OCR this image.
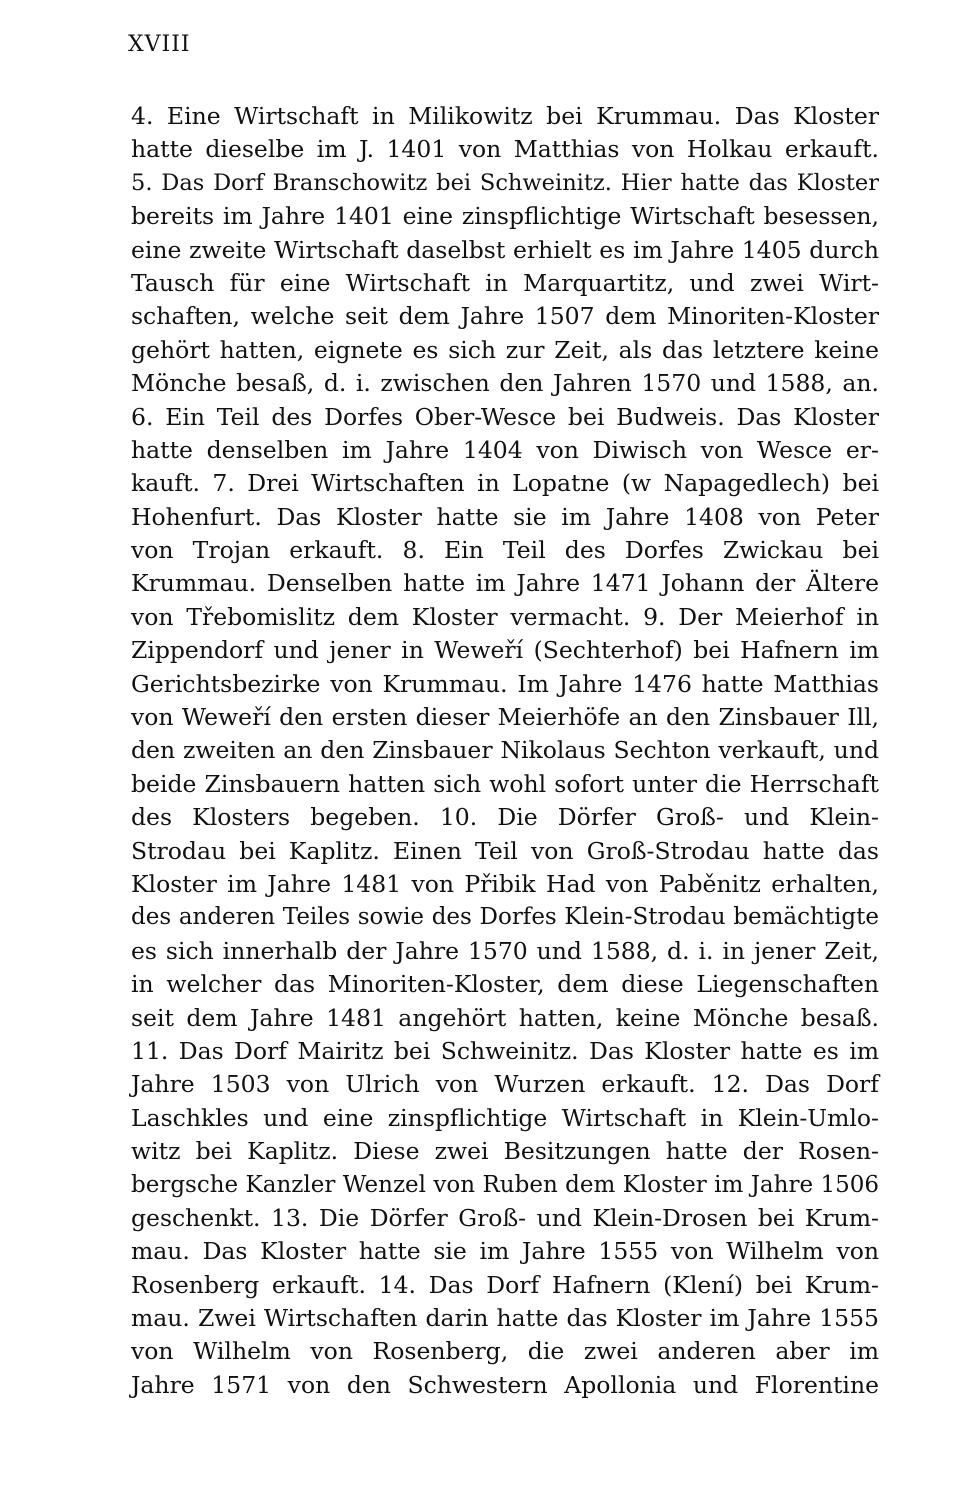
XVIII
4. Eine Wirtschaft in Milikowitz bei Krummau. Das Kloster
hatte dieselbe im J. 1401 von Matthias von Holkau erkauft.
5. Das Dorf Branschowitz bei Schweinitz. Hier hatte das Kloster
bereits im Jahre 1401 eine zinspflichtige Wirtschaft besessen,
eine zweite Wirtschaft daselbst erhielt es im Jahre 1405 durch
Tausch für eine Wirtschaft in Marquartitz, und zwei Wirt-
schaften, welche seit dem Jahre 1507 dem Minoriten-Kloster
gehört hatten, eignete es sich zur Zeit, als das letztere keine
Mönche besaß, d. i. zwischen den Jahren 1570 und 1588, an.
6. Ein Teil des Dorfes Ober-Wesce bei Budweis. Das Kloster
hatte denselben im Jahre 1404 von Diwisch von Wesce er-
kauft. 7. Drei Wirtschaften in Lopatne (w Napagedlech) bei
Hohenfurt. Das Kloster hatte sie im Jahre 1408 von Peter
von Trojan erkauft. 8. Ein Teil des Dorfes Zwickau bei
Krummau. Denselben hatte im Jahre 1471 Johann der Ältere
von Třebomislitz dem Kloster vermacht. 9. Der Meierhof in
Zippendorf und jener in Weweří (Sechterhof) bei Hafnern im
Gerichtsbezirke von Krummau. Im Jahre 1476 hatte Matthias
von Weweří den ersten dieser Meierhöfe an den Zinsbauer Ill,
den zweiten an den Zinsbauer Nikolaus Sechton verkauft, und
beide Zinsbauern hatten sich wohl sofort unter die Herrschaft
des Klosters begeben. 10. Die Dörfer Groß- und Klein-
Strodau bei Kaplitz. Einen Teil von Groß-Strodau hatte das
Kloster im Jahre 1481 von Přibik Had von Paběnitz erhalten,
des anderen Teiles sowie des Dorfes Klein-Strodau bemächtigte
es sich innerhalb der Jahre 1570 und 1588, d. i. in jener Zeit,
in welcher das Minoriten-Kloster, dem diese Liegenschaften
seit dem Jahre 1481 angehört hatten, keine Mönche besaß.
11. Das Dorf Mairitz bei Schweinitz. Das Kloster hatte es im
Jahre 1503 von Ulrich von Wurzen erkauft. 12. Das Dorf
Laschkles und eine zinspflichtige Wirtschaft in Klein-Umlo-
witz bei Kaplitz. Diese zwei Besitzungen hatte der Rosen-
bergsche Kanzler Wenzel von Ruben dem Kloster im Jahre 1506
geschenkt. 13. Die Dörfer Groß- und Klein-Drosen bei Krum-
mau. Das Kloster hatte sie im Jahre 1555 von Wilhelm von
Rosenberg erkauft. 14. Das Dorf Hafnern (Klení) bei Krum-
mau. Zwei Wirtschaften darin hatte das Kloster im Jahre 1555
von Wilhelm von Rosenberg, die zwei anderen aber im
Jahre 1571 von den Schwestern Apollonia und Florentine
